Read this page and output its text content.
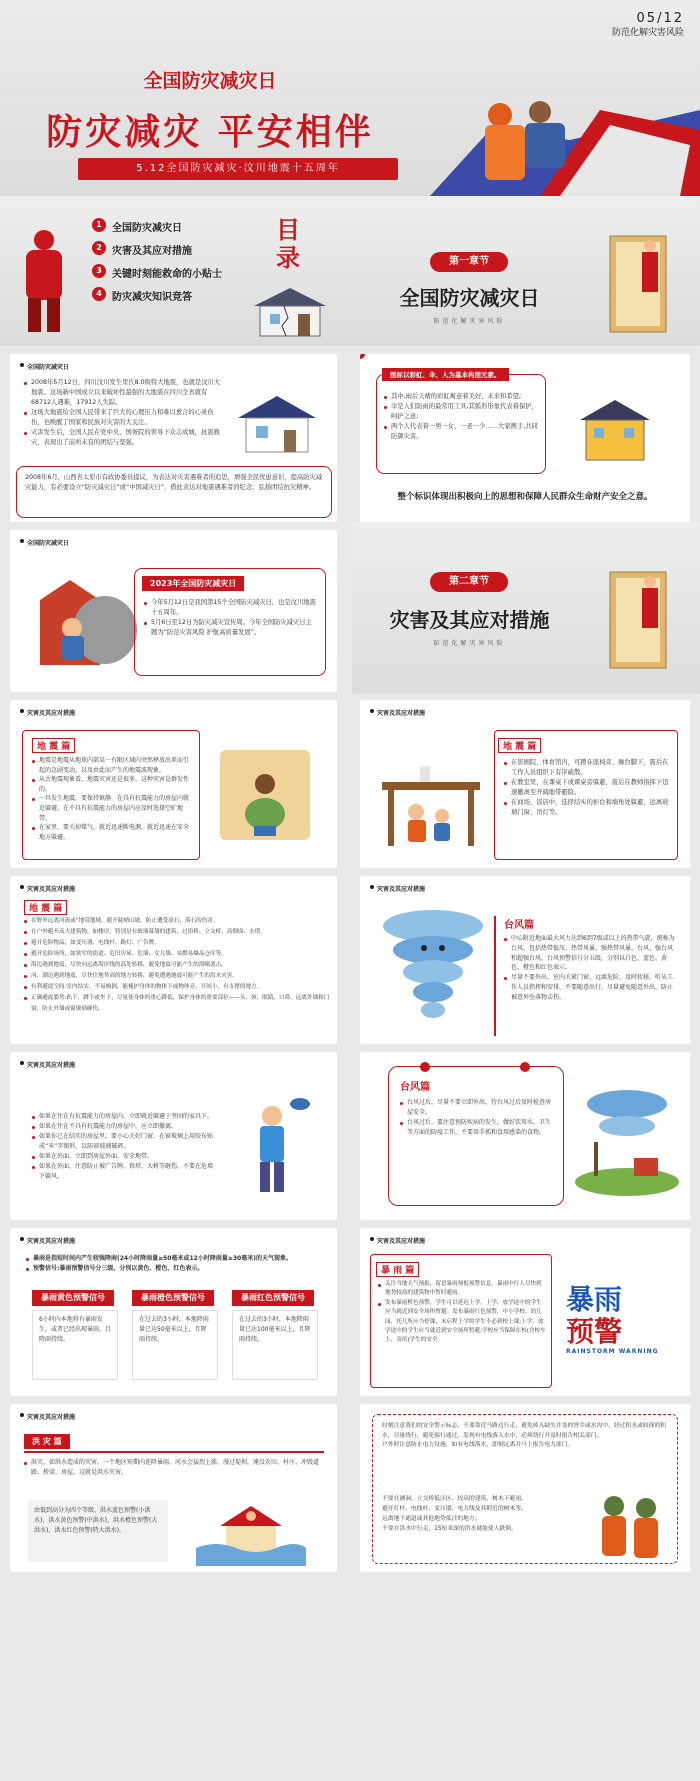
05/12
防范化解灾害风险
全国防灾减灾日
防灾减灾 平安相伴
5.12全国防灾减灾·汶川地震十五周年
1	全国防灾减灾日
2	灾害及其应对措施
3	关键时刻能救命的小贴士
4	防灾减灾知识竞答
目录	第一章节
全国防灾减灾日
防范化解灾害风险
全国防灾减灾日

2008年5月12日，四川汶川发生里氏8.0级特大地震，也就是汶川大地震。这场新中国成立以来破坏性最强的大地震在四川全省就有68712人遇难，17912人失踪。

这场大地震给全国人民带来了巨大的心理压力和难以愈合的心灵伤伤，也唤醒了国家和民族对灾害的大关注。

灾害发生后，全国人民在党中央、国务院的领导下众志成城，抗震救灾，表现出了前所未有的团结与坚强。

2008年6月，山西省太原市有政协委员提议，为表达对灾害遇难者的追思，增强全民忧患意识，提高防灾减灾能力，有必要设立“防灾减灾日”或“中国减灾日”，借此表达对地震遇难者的纪念，弘扬团结抗灾精神。
图标以彩虹、伞、人为基本构图元素。

其中,雨后天晴的彩虹寓意着美好、未来和希望;

伞是人们防雨的最常用工具,其弧形形象代表着保护，呵护之意;

两个人代表着一男一女、一老一少……大家携手,共同防御灾害。

整个标识体现出积极向上的思想和保障人民群众生命财产安全之意。
全国防灾减灾日
2023年全国防灾减灾日

今年5月12日是我国第15个全国防灾减灾日，也是汶川地震十五周年。

5月6日至12日为防灾减灾宣传周。今年全国防灾减灾日主题为“防范灾害风险 护航高质量发展”。

第二章节
灾害及其应对措施
防范化解灾害风险
灾害及其应对措施
地 震 篇

地震是地震从地球内部某一有限区域内突然释放出来而引起的急剧变动，以及由此而产生的地震波现象。

从古地震现象看，地震灾害还是很多，这种灾害是群发性的。

一旦发生地震，要保持镇静，在具有抗震能力的房屋内就近躲避，在不具有抗震能力的房屋内应及时选择空旷地带。

在家里，要关掉煤气，就近迅速断电源，就近迅速在安全地方躲避。

灾害及其应对措施
地 震 篇

在影剧院、体育馆内，可蹲在座椅旁、舞台脚下，震后在工作人员组织下有序疏散。

在教室里，在课桌下或课桌旁躲避，震后在教师指挥下迅速撤离至开阔地带避险。

在商场、饭店中，选择结实的柜台和墙角处躲避，远离玻璃门窗、吊灯等。

灾害及其应对措施
地 震 篇

在野外远离河流或“地带地域，避开陡峭山坡，防止遭受滚石、落石的伤害。

在户外避开高大建筑物，如楼房，特别是有玻璃幕墙的建筑、过街桥、立交桥、高烟囱、水塔。

避开危险物品，如变压器、电线杆、路灯、广告牌。

避开危险场所，如狭窄的街道、危旧房屋、危墙、女儿墙、易燃易爆品仓库等。

海边遇到地震，尽快向远离海岸线的高处转移，避免地震可能产生的海啸袭击。

河、湖边遇到地震，尽快往地势高的地方转移，避免遭遇地震可能产生的洪水灾害。

有利避震空间:室内结实、不易倾倒，能掩护身体的物体下或物体旁，开间小、有支撑的地方。

正确避震姿势:趴下，蹲下或坐下，尽量使身体的重心降低，保护身体的重要部位——头、颈、眼睛、口鼻。远离外墙和门窗，防止外墙或窗玻璃砸伤。

灾害及其应对措施
台风篇

中心附近地面最大风力达到6到7级或以上的热带气旋，统称为台风。包括热带低压、热带风暴、强热带风暴、台风、强台风和超强台风。台风预警信号分五级，分别以白色、蓝色、黄色、橙色和红色表示。

尽量不要外出，室内关紧门窗，远离危险，及时转移，听从工作人员指挥和安排，不要随意出行。尽量避免随意外出，防止被意外坠落物击伤。

灾害及其应对措施

如果在住在有抗震能力的房屋内，立即就近躲避于坚固的家具下。

如果在住在不具有抗震能力的房屋中，应立即撤离。

如果你已在结实的房屋里，要小心关好门窗，在窗玻璃上用胶布贴成“米”字图形，以防窗玻璃破碎。

如果在外面，立即到房屋外面，安全地带。

如果在外面，注意防止被广告牌、铁塔、大树等砸伤，不要在危墙下躲风。

台风篇

台风过后，尽量不要立即外出，待台风过后及时检查房屋安全。

台风过后，要注意预防疾病的发生，做好饮用水、卫生等方面的防疫工作，不要用手抓和食用感染的食物。

灾害及其应对措施

暴雨是指短时间内产生较强降雨(24小时降雨量≥50毫米或12小时降雨量≥30毫米)的天气现象。

预警信号:暴雨预警信号分三级，分别以黄色、橙色、红色表示。

暴雨黄色预警信号
6小时内本地将有暴雨发生，或者已经出现暴雨，且降雨持续。
暴雨橙色预警信号
在过去的3小时，本地降雨量已达50毫米以上，且降雨持续。
暴雨红色预警信号
在过去的3小时，本地降雨量已达100毫米以上，且降雨持续。
灾害及其应对措施
暴 雨 篇

关注当地天气预报，留意暴雨预报预警信息。暴雨中行人尽快到地势较高的建筑物中暂时避雨。

发布暴雨橙色预警，学生可以延迟上学。上学、放学途中的学生应当就近到安全场所暂避。发布暴雨红色预警，中小学校、幼儿园、托儿所应当停课，未启程上学的学生不必到校上课;上学、放学途中的学生应当就近到安全场所暂避;学校应当保障在校(含校车上、寄宿)学生的安全。

暴雨
预警
RAINSTORM WARNING
灾害及其应对措施
洪 灾 篇

洪灾，如洪水造成的灾害。一个地区短期内连降暴雨，河水会猛烈上涨，漫过堤坝，淹没农田，村庄、冲毁道路、桥梁、房屋，这就是洪水灾害。

由低到高分为四个等级，洪水蓝色预警(小洪水)，洪水黄色预警(中洪水)，洪水橙色预警(大洪水)，洪水红色预警(特大洪水)。
时刻注意我们的安全警示标志，不要靠近马路边行走，避免掉入缺失井盖的窨井或水沟中，经过积水或较深的积水，尽量绕行，避免强行通过，发现有电线落入水中，必须绕行并及时报告相关部门。
户外时注意防止电力设施，如有电线落水，即刻远离并马上报告电力部门。
不要在涵洞、立交桥低洼区、较高的建筑、树木下避雨。
避开灯杆、电线杆、变压器、电力线及其附近的树木等。
远离地下通道或其他地势低洼的地方。
不要在洪水中行走，15厘米深的洪水就能使人跌倒。
